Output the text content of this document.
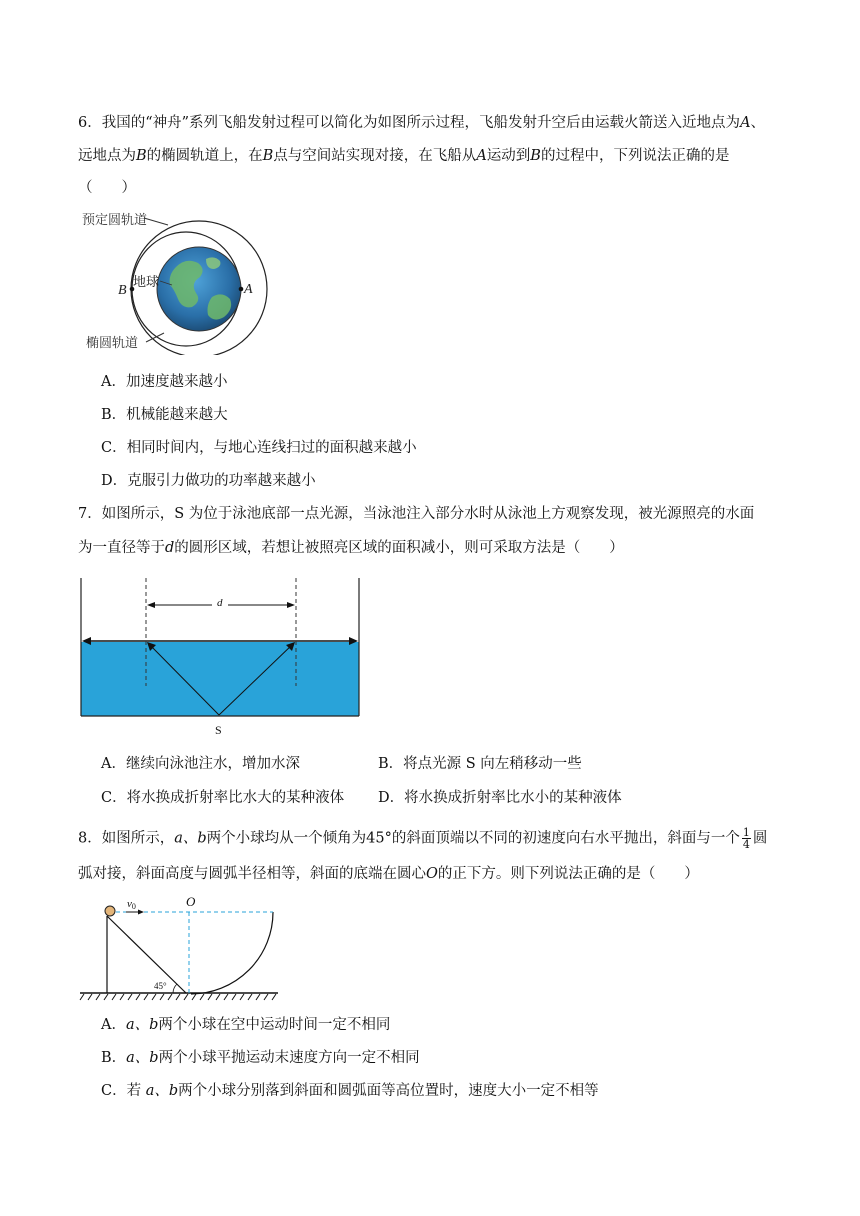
6．我国的“神舟”系列飞船发射过程可以简化为如图所示过程，飞船发射升空后由运载火箭送入近地点为A、
远地点为B的椭圆轨道上，在B点与空间站实现对接，在飞船从A运动到B的过程中，下列说法正确的是
（　　）
预定圆轨道
椭圆轨道
地球
A
B
A．加速度越来越小
B．机械能越来越大
C．相同时间内，与地心连线扫过的面积越来越小
D．克服引力做功的功率越来越小
7．如图所示，S 为位于泳池底部一点光源，当泳池注入部分水时从泳池上方观察发现，被光源照亮的水面
为一直径等于d的圆形区域，若想让被照亮区域的面积减小，则可采取方法是（　　）
d
S
A．继续向泳池注水，增加水深	B．将点光源 S 向左稍移动一些
C．将水换成折射率比水大的某种液体 D．将水换成折射率比水小的某种液体
8．如图所示，a、b两个小球均从一个倾角为45°的斜面顶端以不同的初速度向右水平抛出，斜面与一个 $\frac{1}{4}$ 圆
弧对接，斜面高度与圆弧半径相等，斜面的底端在圆心O的正下方。则下列说法正确的是（　　）
v0	O
45°
A．a、b两个小球在空中运动时间一定不相同
B．a、b两个小球平抛运动末速度方向一定不相同
C．若 a、b两个小球分别落到斜面和圆弧面等高位置时，速度大小一定不相等
